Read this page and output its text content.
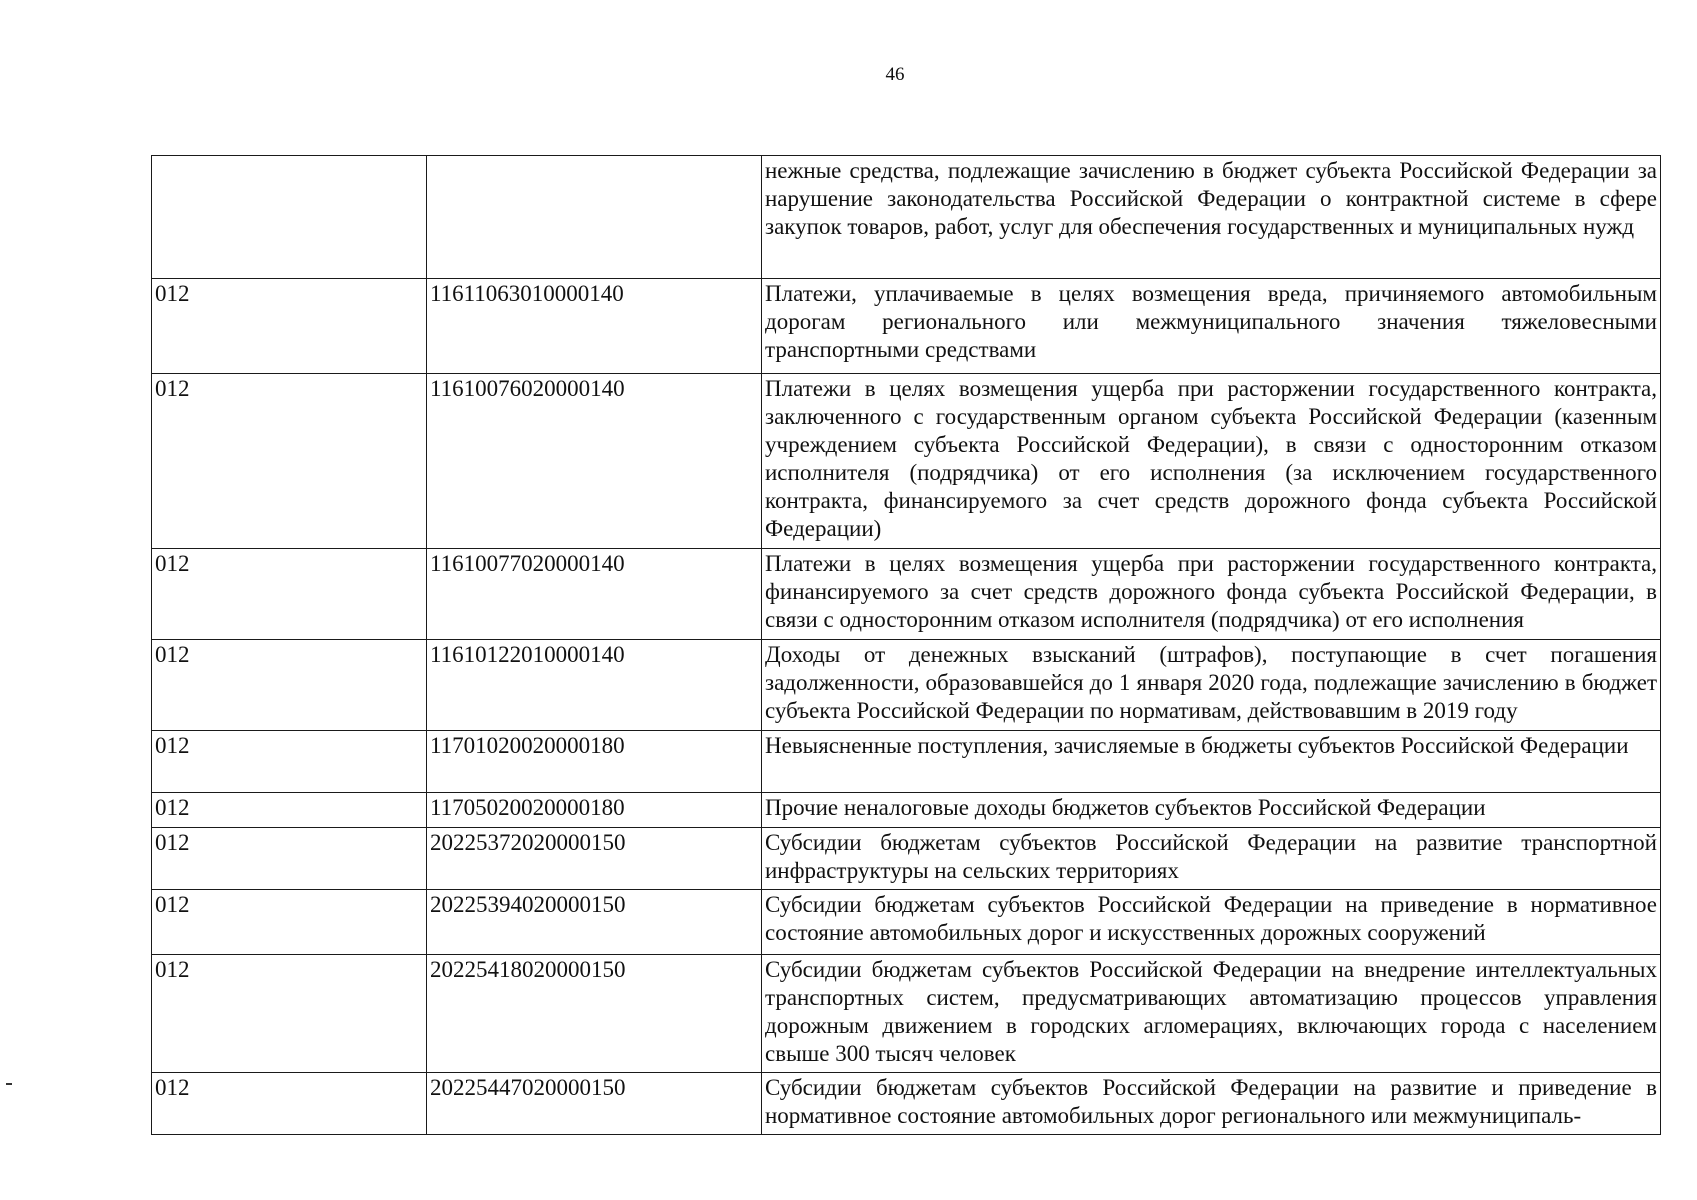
46
		нежные средства, подлежащие зачислению в бюджет субъекта Российской Федерации за нарушение законодательства Российской Федерации о контрактной системе в сфере закупок товаров, работ, услуг для обеспечения государственных и муниципальных нужд
012	11611063010000140	Платежи, уплачиваемые в целях возмещения вреда, причиняемого автомобильным дорогам регионального или межмуниципального значения тяжеловесными транспортными средствами
012	11610076020000140	Платежи в целях возмещения ущерба при расторжении государственного контракта, заключенного с государственным органом субъекта Российской Федерации (казенным учреждением субъекта Российской Федерации), в связи с односторонним отказом исполнителя (подрядчика) от его исполнения (за исключением государственного контракта, финансируемого за счет средств дорожного фонда субъекта Российской Федерации)
012	11610077020000140	Платежи в целях возмещения ущерба при расторжении государственного контракта, финансируемого за счет средств дорожного фонда субъекта Российской Федерации, в связи с односторонним отказом исполнителя (подрядчика) от его исполнения
012	11610122010000140	Доходы от денежных взысканий (штрафов), поступающие в счет погашения задолженности, образовавшейся до 1 января 2020 года, подлежащие зачислению в бюджет субъекта Российской Федерации по нормативам, действовавшим в 2019 году
012	11701020020000180	Невыясненные поступления, зачисляемые в бюджеты субъектов Российской Федерации
012	11705020020000180	Прочие неналоговые доходы бюджетов субъектов Российской Федерации
012	20225372020000150	Субсидии бюджетам субъектов Российской Федерации на развитие транспортной инфраструктуры на сельских территориях
012	20225394020000150	Субсидии бюджетам субъектов Российской Федерации на приведение в нормативное состояние автомобильных дорог и искусственных дорожных сооружений
012	20225418020000150	Субсидии бюджетам субъектов Российской Федерации на внедрение интеллектуальных транспортных систем, предусматривающих автоматизацию процессов управления дорожным движением в городских агломерациях, включающих города с населением свыше 300 тысяч человек
012	20225447020000150	Субсидии бюджетам субъектов Российской Федерации на развитие и приведение в нормативное состояние автомобильных дорог регионального или межмуниципаль-
